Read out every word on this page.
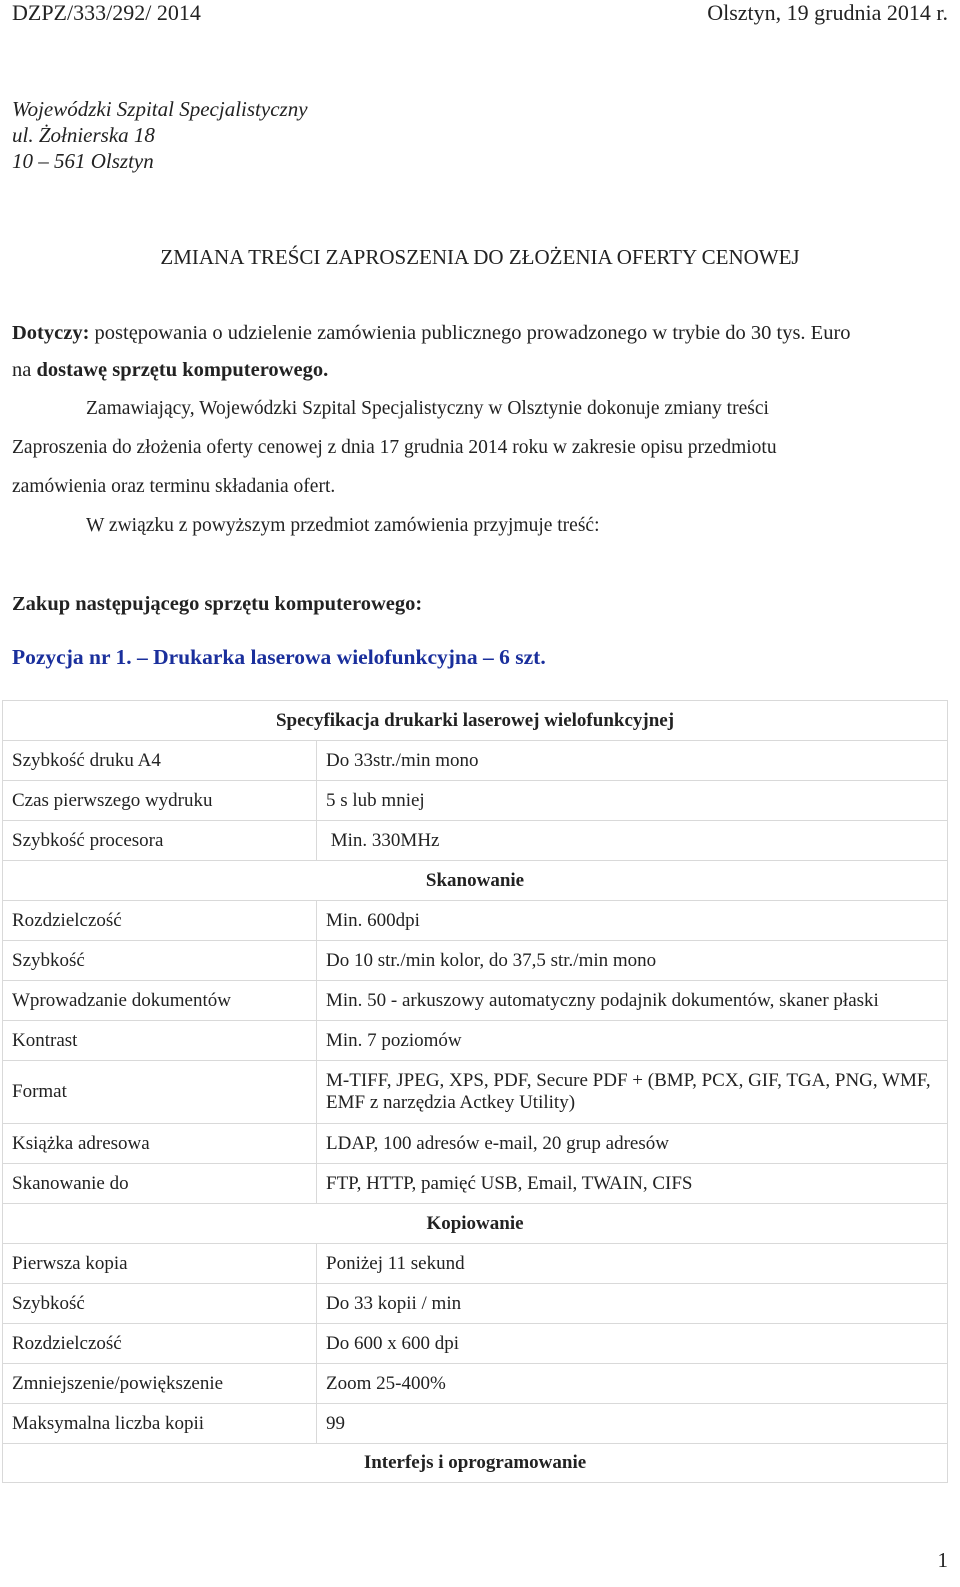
DZPZ/333/292/ 2014	Olsztyn, 19 grudnia 2014 r.
Wojewódzki Szpital Specjalistyczny
ul. Żołnierska 18
10 – 561 Olsztyn
ZMIANA TREŚCI ZAPROSZENIA DO ZŁOŻENIA OFERTY CENOWEJ
Dotyczy: postępowania o udzielenie zamówienia publicznego prowadzonego w trybie do 30 tys. Euro
na dostawę sprzętu komputerowego.
Zamawiający, Wojewódzki Szpital Specjalistyczny w Olsztynie dokonuje zmiany treści
Zaproszenia do złożenia oferty cenowej z dnia 17 grudnia 2014 roku w zakresie opisu przedmiotu
zamówienia oraz terminu składania ofert.
W związku z powyższym przedmiot zamówienia przyjmuje treść:
Zakup następującego sprzętu komputerowego:
Pozycja nr 1. – Drukarka laserowa wielofunkcyjna – 6 szt.
Specyfikacja drukarki laserowej wielofunkcyjnej	
Szybkość druku A4	Do 33str./min mono
Czas pierwszego wydruku	5 s lub mniej
Szybkość procesora	Min. 330MHz
Skanowanie	
Rozdzielczość	Min. 600dpi
Szybkość	Do 10 str./min kolor, do 37,5 str./min mono
Wprowadzanie dokumentów	Min. 50 - arkuszowy automatyczny podajnik dokumentów, skaner płaski
Kontrast	Min. 7 poziomów
Format	M-TIFF, JPEG, XPS, PDF, Secure PDF + (BMP, PCX, GIF, TGA, PNG, WMF, EMF z narzędzia Actkey Utility)
Książka adresowa	LDAP, 100 adresów e-mail, 20 grup adresów
Skanowanie do	FTP, HTTP, pamięć USB, Email, TWAIN, CIFS
Kopiowanie	
Pierwsza kopia	Poniżej 11 sekund
Szybkość	Do 33 kopii / min
Rozdzielczość	Do 600 x 600 dpi
Zmniejszenie/powiększenie	Zoom 25-400%
Maksymalna liczba kopii	99
Interfejs i oprogramowanie	
1
